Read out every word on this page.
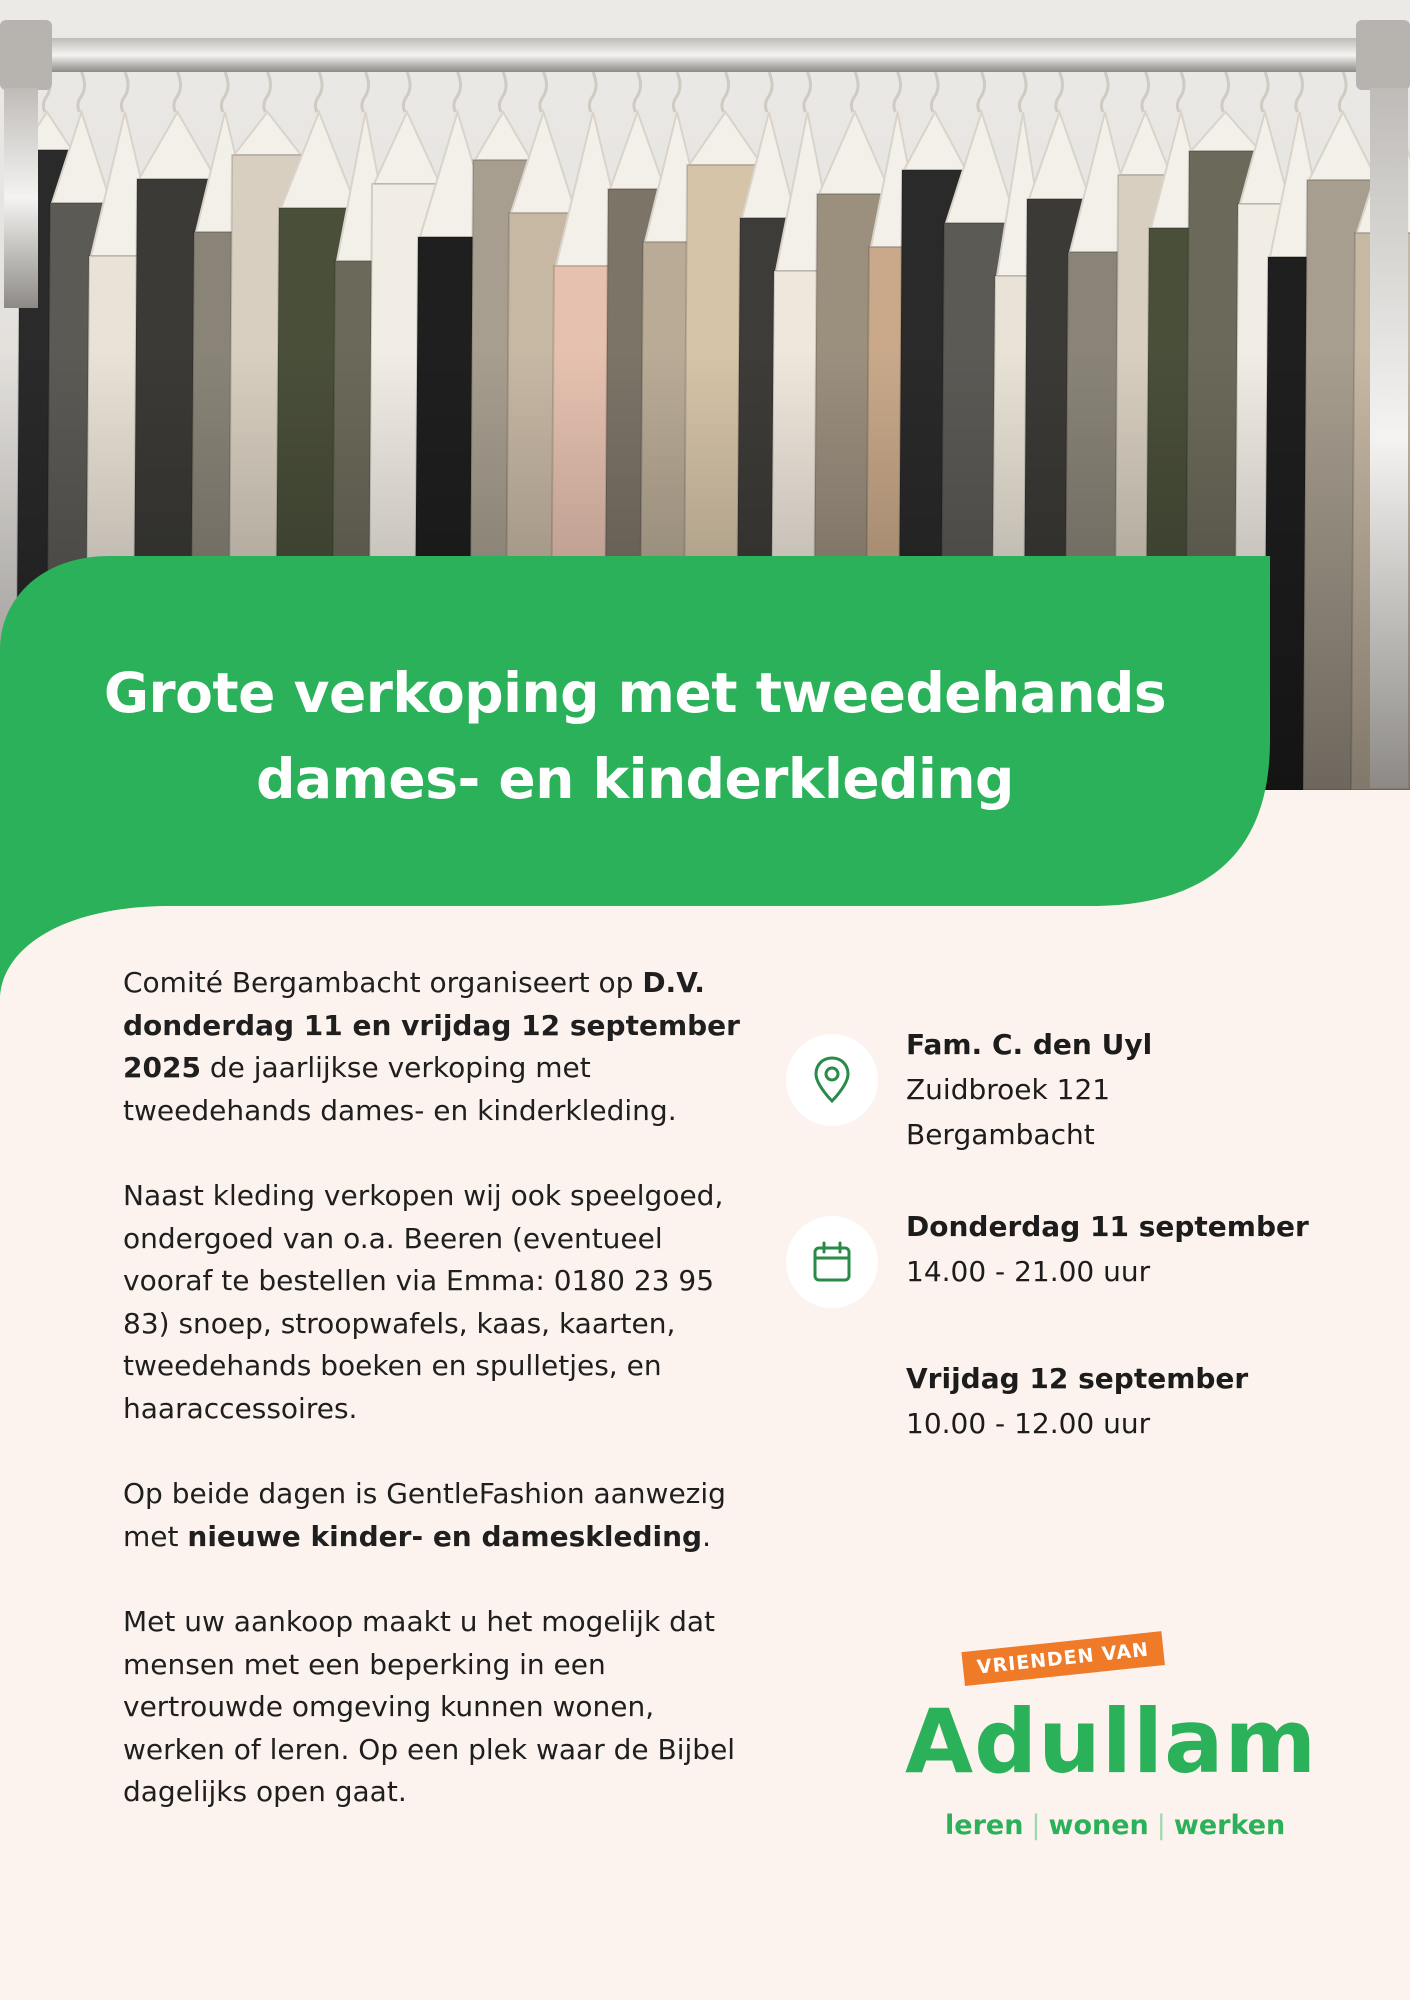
Grote verkoping met tweedehands
dames- en kinderkleding

Comité Bergambacht organiseert op D.V. donderdag 11 en vrijdag 12 september 2025 de jaarlijkse verkoping met tweedehands dames- en kinderkleding.

Naast kleding verkopen wij ook speelgoed, ondergoed van o.a. Beeren (eventueel vooraf te bestellen via Emma: 0180 23 95 83) snoep, stroopwafels, kaas, kaarten, tweedehands boeken en spulletjes, en haaraccessoires.

Op beide dagen is GentleFashion aanwezig met nieuwe kinder- en dameskleding.

Met uw aankoop maakt u het mogelijk dat mensen met een beperking in een vertrouwde omgeving kunnen wonen, werken of leren. Op een plek waar de Bijbel dagelijks open gaat.

Fam. C. den Uyl
Zuidbroek 121
Bergambacht
Donderdag 11 september
14.00 - 21.00 uur
Vrijdag 12 september
10.00 - 12.00 uur
VRIENDEN VAN
Adullam
leren | wonen | werken
